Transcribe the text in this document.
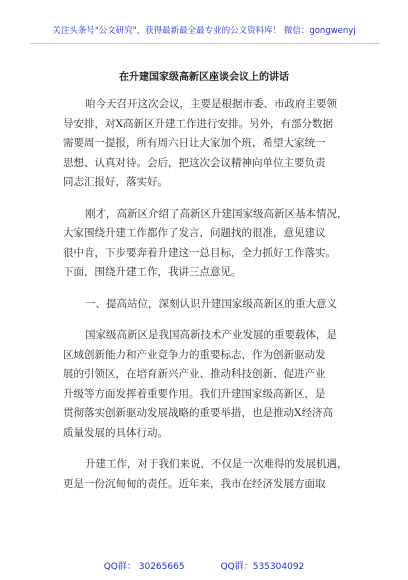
关注头条号"公文研究"，获得最新最全最专业的公文资料库！ 微信：gongwenyj
在升建国家级高新区座谈会议上的讲话

咱今天召开这次会议，主要是根据市委、市政府主要领
导安排，对X高新区升建工作进行安排。另外，有部分数据
需要周一提报，所有周六日让大家加个班，希望大家统一
思想、认真对待。会后，把这次会议精神向单位主要负责
同志汇报好，落实好。

刚才，高新区介绍了高新区升建国家级高新区基本情况，
大家围绕升建工作都作了发言，问题找的很准，意见建议
很中肯，下步要奔着升建这一总目标，全力抓好工作落实。
下面，围绕升建工作，我讲三点意见。

一、提高站位，深刻认识升建国家级高新区的重大意义

国家级高新区是我国高新技术产业发展的重要载体，是
区域创新能力和产业竞争力的重要标志，作为创新驱动发
展的引领区，在培育新兴产业、推动科技创新、促进产业
升级等方面发挥着重要作用。我们升建国家级高新区，是
贯彻落实创新驱动发展战略的重要举措，也是推动X经济高
质量发展的具体行动。

升建工作，对于我们来说，不仅是一次难得的发展机遇，
更是一份沉甸甸的责任。近年来，我市在经济发展方面取

QQ群： 30265665	QQ群：535304092
